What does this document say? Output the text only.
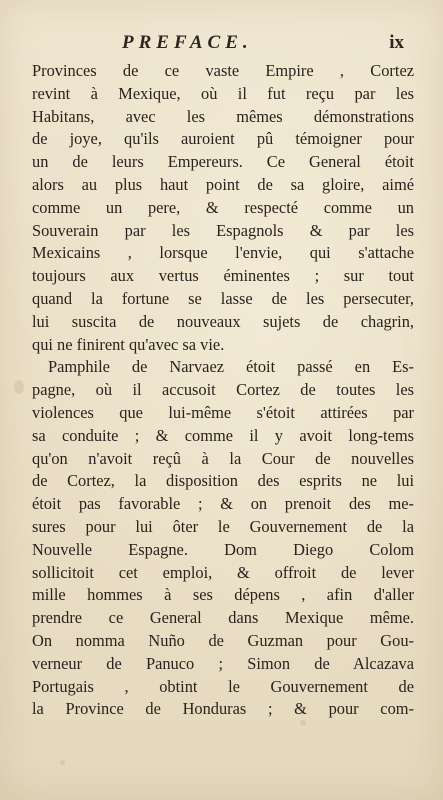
PREFACE.	ix
Provinces de ce vaste Empire , Cortez
revint à Mexique, où il fut reçu par les
Habitans, avec les mêmes démonstrations
de joye, qu'ils auroient pû témoigner pour
un de leurs Empereurs. Ce General étoit
alors au plus haut point de sa gloire, aimé
comme un pere, & respecté comme un
Souverain par les Espagnols & par les
Mexicains , lorsque l'envie, qui s'attache
toujours aux vertus éminentes ; sur tout
quand la fortune se lasse de les persecuter,
lui suscita de nouveaux sujets de chagrin,
qui ne finirent qu'avec sa vie.
Pamphile de Narvaez étoit passé en Es-
pagne, où il accusoit Cortez de toutes les
violences que lui-même s'étoit attirées par
sa conduite ; & comme il y avoit long-tems
qu'on n'avoit reçû à la Cour de nouvelles
de Cortez, la disposition des esprits ne lui
étoit pas favorable ; & on prenoit des me-
sures pour lui ôter le Gouvernement de la
Nouvelle Espagne. Dom Diego Colom
sollicitoit cet emploi, & offroit de lever
mille hommes à ses dépens , afin d'aller
prendre ce General dans Mexique même.
On nomma Nuño de Guzman pour Gou-
verneur de Panuco ; Simon de Alcazava
Portugais , obtint le Gouvernement de
la Province de Honduras ; & pour com-
